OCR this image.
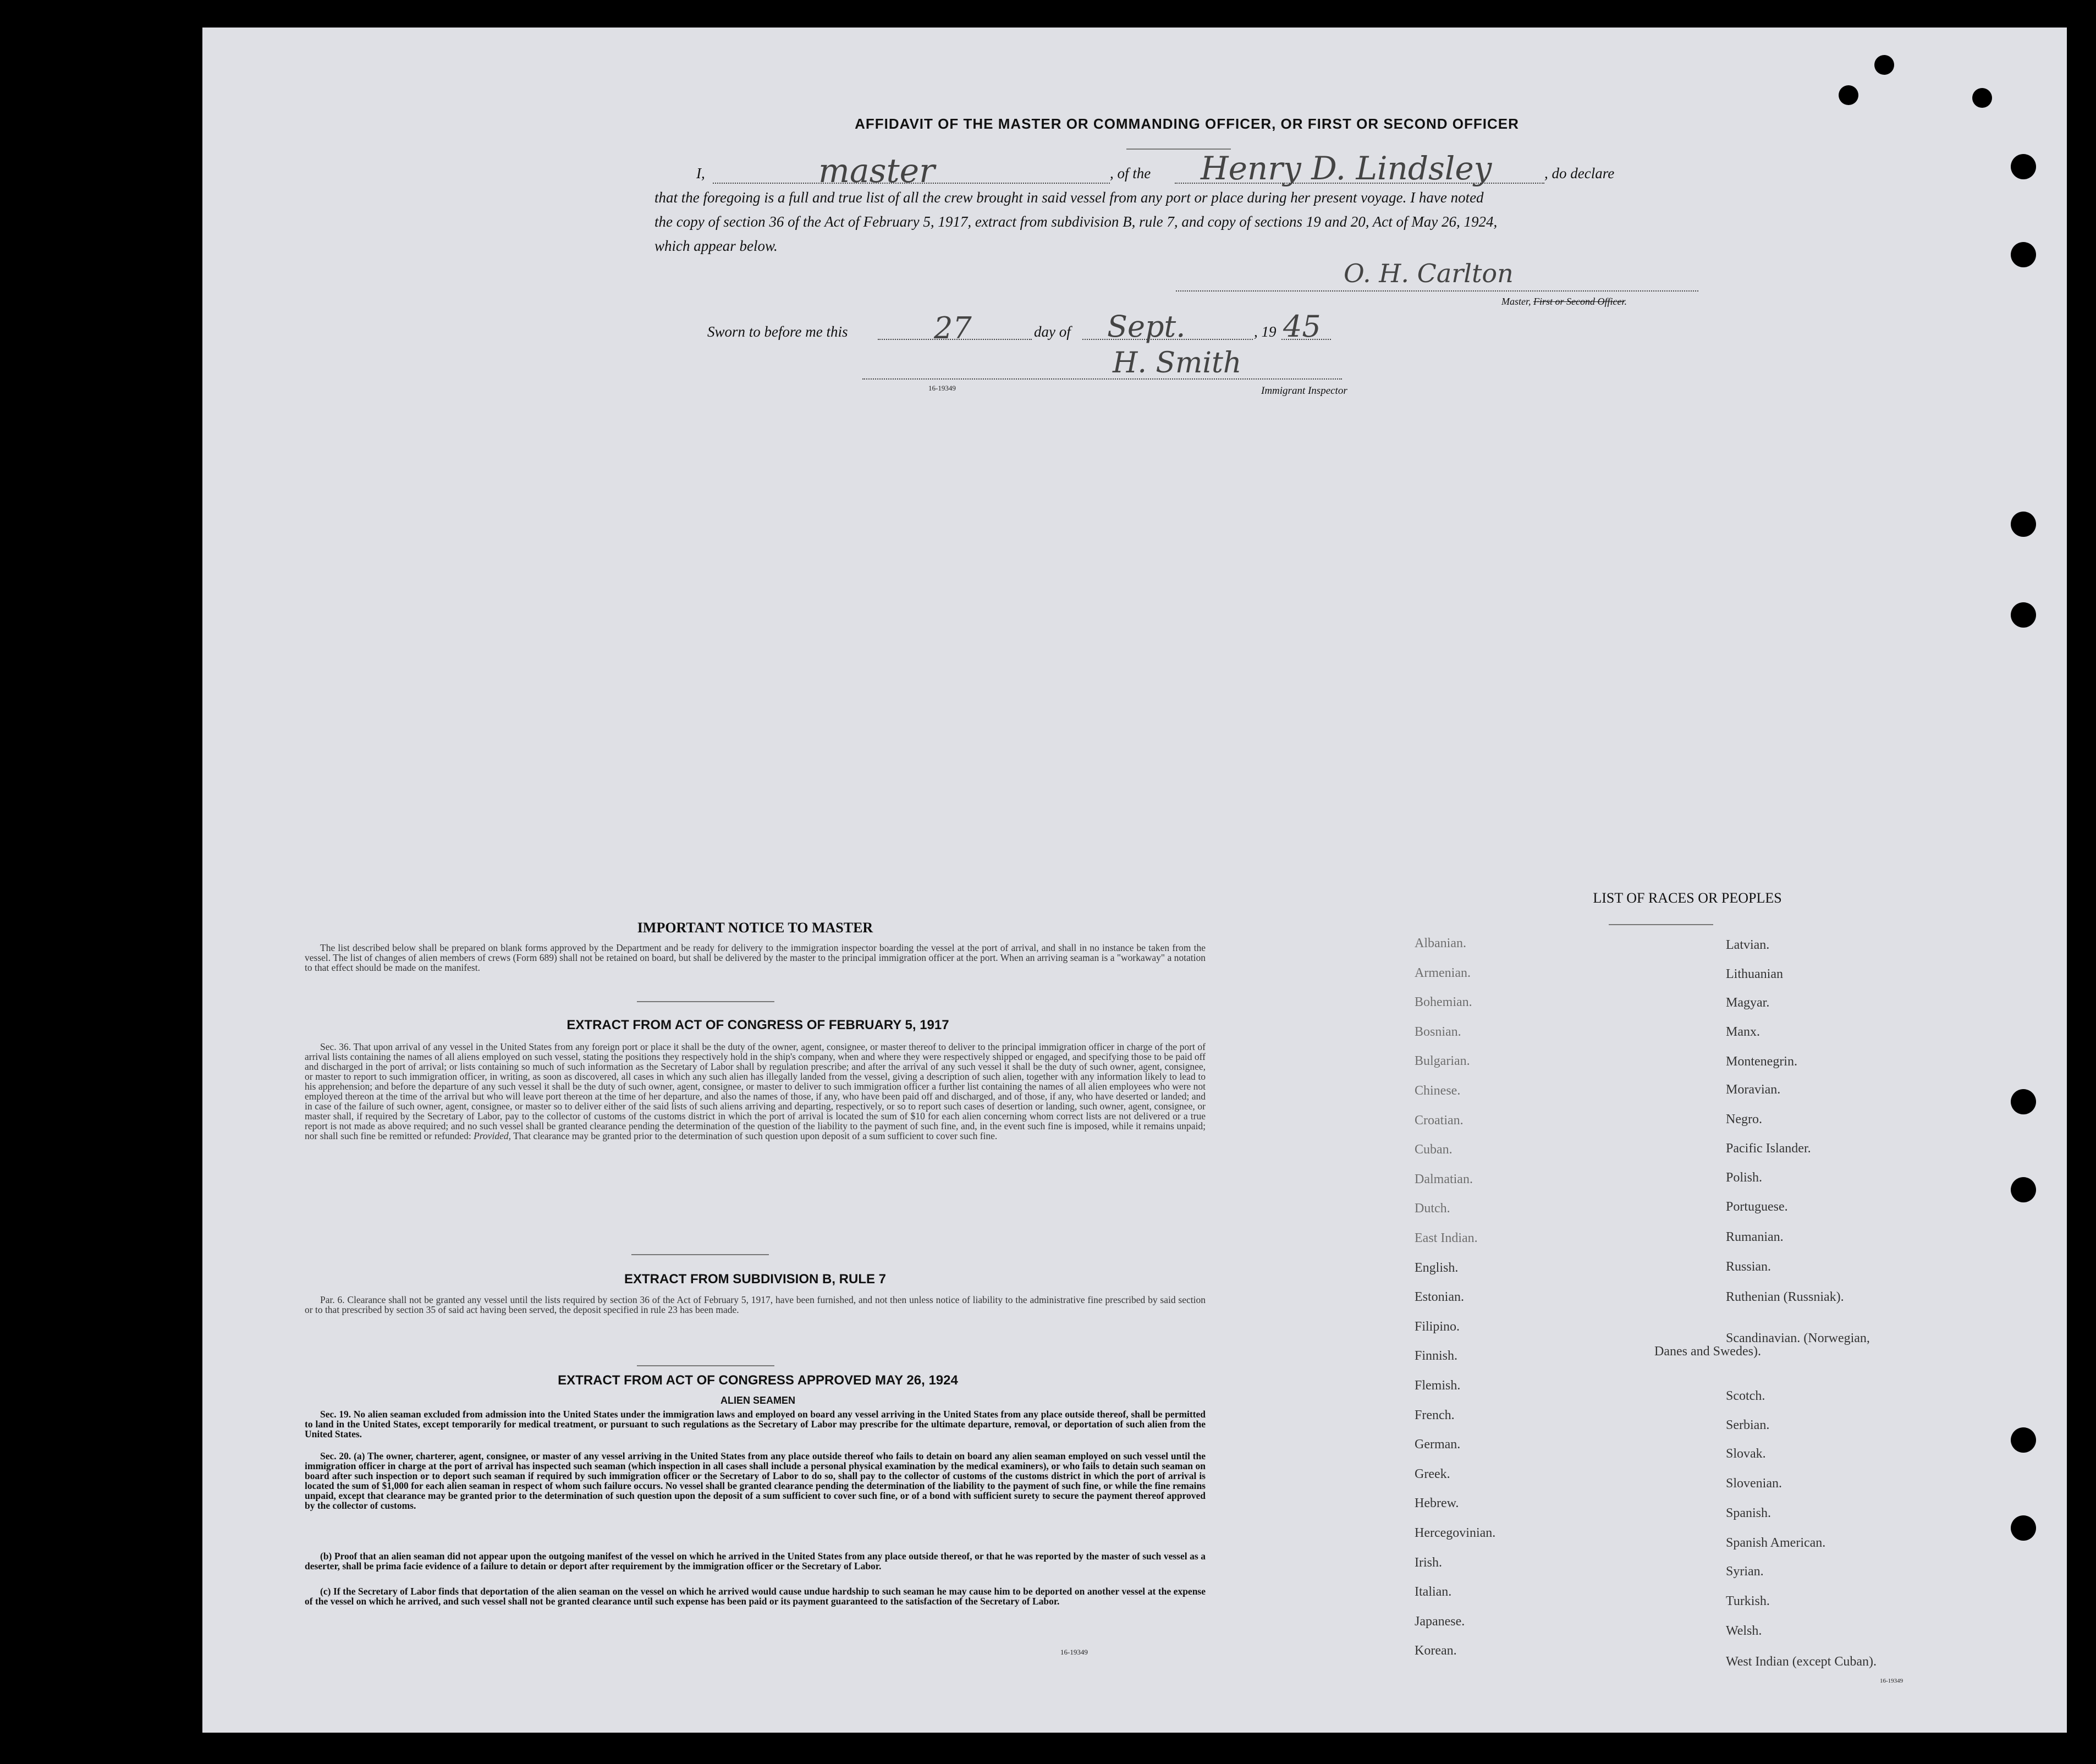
AFFIDAVIT OF THE MASTER OR COMMANDING OFFICER, OR FIRST OR SECOND OFFICER
I,	master	, of the Henry D. Lindsley	, do declare
that the foregoing is a full and true list of all the crew brought in said vessel from any port or place during her present voyage. I have noted
the copy of section 36 of the Act of February 5, 1917, extract from subdivision B, rule 7, and copy of sections 19 and 20, Act of May 26, 1924,
which appear below.
O. H. Carlton
Master, First or Second Officer.
Sworn to before me this	27	day of Sept.	, 19 45
H. Smith
16-19349	Immigrant Inspector
IMPORTANT NOTICE TO MASTER
The list described below shall be prepared on blank forms approved by the Department and be ready for delivery to the immigration inspector boarding the vessel at the port of arrival, and shall in no instance be taken from the vessel. The list of changes of alien members of crews (Form 689) shall not be retained on board, but shall be delivered by the master to the principal immigration officer at the port. When an arriving seaman is a "workaway" a notation to that effect should be made on the manifest.
EXTRACT FROM ACT OF CONGRESS OF FEBRUARY 5, 1917
Sec. 36. That upon arrival of any vessel in the United States from any foreign port or place it shall be the duty of the owner, agent, consignee, or master thereof to deliver to the principal immigration officer in charge of the port of arrival lists containing the names of all aliens employed on such vessel, stating the positions they respectively hold in the ship's company, when and where they were respectively shipped or engaged, and specifying those to be paid off and discharged in the port of arrival; or lists containing so much of such information as the Secretary of Labor shall by regulation prescribe; and after the arrival of any such vessel it shall be the duty of such owner, agent, consignee, or master to report to such immigration officer, in writing, as soon as discovered, all cases in which any such alien has illegally landed from the vessel, giving a description of such alien, together with any information likely to lead to his apprehension; and before the departure of any such vessel it shall be the duty of such owner, agent, consignee, or master to deliver to such immigration officer a further list containing the names of all alien employees who were not employed thereon at the time of the arrival but who will leave port thereon at the time of her departure, and also the names of those, if any, who have been paid off and discharged, and of those, if any, who have deserted or landed; and in case of the failure of such owner, agent, consignee, or master so to deliver either of the said lists of such aliens arriving and departing, respectively, or so to report such cases of desertion or landing, such owner, agent, consignee, or master shall, if required by the Secretary of Labor, pay to the collector of customs of the customs district in which the port of arrival is located the sum of $10 for each alien concerning whom correct lists are not delivered or a true report is not made as above required; and no such vessel shall be granted clearance pending the determination of the question of the liability to the payment of such fine, and, in the event such fine is imposed, while it remains unpaid; nor shall such fine be remitted or refunded: Provided, That clearance may be granted prior to the determination of such question upon deposit of a sum sufficient to cover such fine.
EXTRACT FROM SUBDIVISION B, RULE 7
Par. 6. Clearance shall not be granted any vessel until the lists required by section 36 of the Act of February 5, 1917, have been furnished, and not then unless notice of liability to the administrative fine prescribed by said section or to that prescribed by section 35 of said act having been served, the deposit specified in rule 23 has been made.
EXTRACT FROM ACT OF CONGRESS APPROVED MAY 26, 1924
ALIEN SEAMEN
Sec. 19. No alien seaman excluded from admission into the United States under the immigration laws and employed on board any vessel arriving in the United States from any place outside thereof, shall be permitted to land in the United States, except temporarily for medical treatment, or pursuant to such regulations as the Secretary of Labor may prescribe for the ultimate departure, removal, or deportation of such alien from the United States.
Sec. 20. (a) The owner, charterer, agent, consignee, or master of any vessel arriving in the United States from any place outside thereof who fails to detain on board any alien seaman employed on such vessel until the immigration officer in charge at the port of arrival has inspected such seaman (which inspection in all cases shall include a personal physical examination by the medical examiners), or who fails to detain such seaman on board after such inspection or to deport such seaman if required by such immigration officer or the Secretary of Labor to do so, shall pay to the collector of customs of the customs district in which the port of arrival is located the sum of $1,000 for each alien seaman in respect of whom such failure occurs. No vessel shall be granted clearance pending the determination of the liability to the payment of such fine, or while the fine remains unpaid, except that clearance may be granted prior to the determination of such question upon the deposit of a sum sufficient to cover such fine, or of a bond with sufficient surety to secure the payment thereof approved by the collector of customs.
(b) Proof that an alien seaman did not appear upon the outgoing manifest of the vessel on which he arrived in the United States from any place outside thereof, or that he was reported by the master of such vessel as a deserter, shall be prima facie evidence of a failure to detain or deport after requirement by the immigration officer or the Secretary of Labor.
(c) If the Secretary of Labor finds that deportation of the alien seaman on the vessel on which he arrived would cause undue hardship to such seaman he may cause him to be deported on another vessel at the expense of the vessel on which he arrived, and such vessel shall not be granted clearance until such expense has been paid or its payment guaranteed to the satisfaction of the Secretary of Labor.
16-19349
LIST OF RACES OR PEOPLES
Danes and Swedes).
16-19349
Albanian.
Armenian.
Bohemian.
Bosnian.
Bulgarian.
Chinese.
Croatian.
Cuban.
Dalmatian.
Dutch.
East Indian.
English.
Estonian.
Filipino.
Finnish.
Flemish.
French.
German.
Greek.
Hebrew.
Hercegovinian.
Irish.
Italian.
Japanese.
Korean.
Latvian.
Lithuanian
Magyar.
Manx.
Montenegrin.
Moravian.
Negro.
Pacific Islander.
Polish.
Portuguese.
Rumanian.
Russian.
Ruthenian (Russniak).
Scandinavian. (Norwegian,
Scotch.
Serbian.
Slovak.
Slovenian.
Spanish.
Spanish American.
Syrian.
Turkish.
Welsh.
West Indian (except Cuban).
